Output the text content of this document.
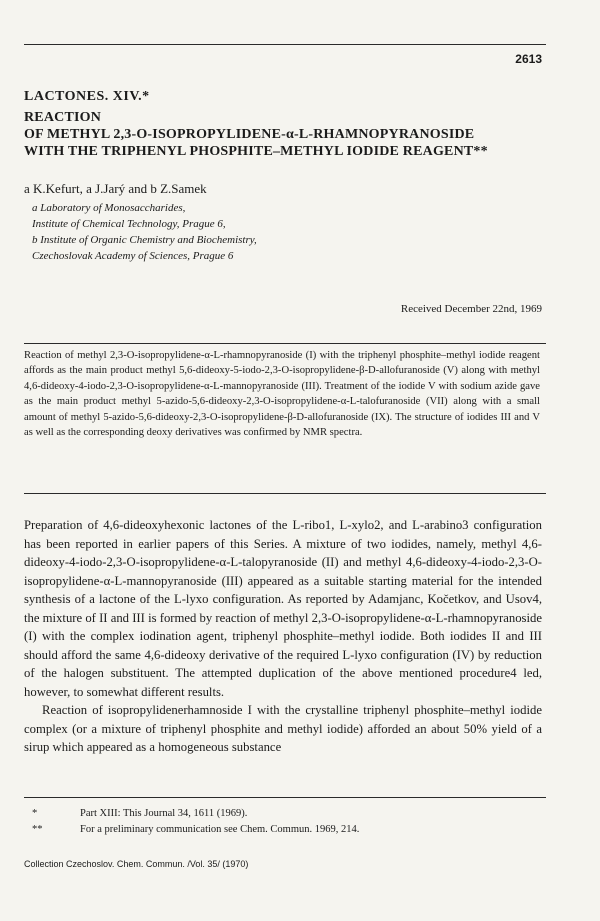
2613
LACTONES. XIV.*
REACTION
OF METHYL 2,3-O-ISOPROPYLIDENE-α-L-RHAMNOPYRANOSIDE
WITH THE TRIPHENYL PHOSPHITE–METHYL IODIDE REAGENT**
a K.Kefurt, a J.Jarý and b Z.Samek
a Laboratory of Monosaccharides,
Institute of Chemical Technology, Prague 6,
b Institute of Organic Chemistry and Biochemistry,
Czechoslovak Academy of Sciences, Prague 6
Received December 22nd, 1969
Reaction of methyl 2,3-O-isopropylidene-α-L-rhamnopyranoside (I) with the triphenyl phosphite–methyl iodide reagent affords as the main product methyl 5,6-dideoxy-5-iodo-2,3-O-isopropylidene-β-D-allofuranoside (V) along with methyl 4,6-dideoxy-4-iodo-2,3-O-isopropylidene-α-L-mannopyranoside (III). Treatment of the iodide V with sodium azide gave as the main product methyl 5-azido-5,6-dideoxy-2,3-O-isopropylidene-α-L-talofuranoside (VII) along with a small amount of methyl 5-azido-5,6-dideoxy-2,3-O-isopropylidene-β-D-allofuranoside (IX). The structure of iodides III and V as well as the corresponding deoxy derivatives was confirmed by NMR spectra.

Preparation of 4,6-dideoxyhexonic lactones of the L-ribo1, L-xylo2, and L-arabino3 configuration has been reported in earlier papers of this Series. A mixture of two iodides, namely, methyl 4,6-dideoxy-4-iodo-2,3-O-isopropylidene-α-L-talopyranoside (II) and methyl 4,6-dideoxy-4-iodo-2,3-O-isopropylidene-α-L-mannopyranoside (III) appeared as a suitable starting material for the intended synthesis of a lactone of the L-lyxo configuration. As reported by Adamjanc, Kočetkov, and Usov4, the mixture of II and III is formed by reaction of methyl 2,3-O-isopropylidene-α-L-rhamnopyranoside (I) with the complex iodination agent, triphenyl phosphite–methyl iodide. Both iodides II and III should afford the same 4,6-dideoxy derivative of the required L-lyxo configuration (IV) by reduction of the halogen substituent. The attempted duplication of the above mentioned procedure4 led, however, to somewhat different results.

Reaction of isopropylidenerhamnoside I with the crystalline triphenyl phosphite–methyl iodide complex (or a mixture of triphenyl phosphite and methyl iodide) afforded an about 50% yield of a sirup which appeared as a homogeneous substance

*	Part XIII: This Journal 34, 1611 (1969).
**	For a preliminary communication see Chem. Commun. 1969, 214.
Collection Czechoslov. Chem. Commun. /Vol. 35/ (1970)
